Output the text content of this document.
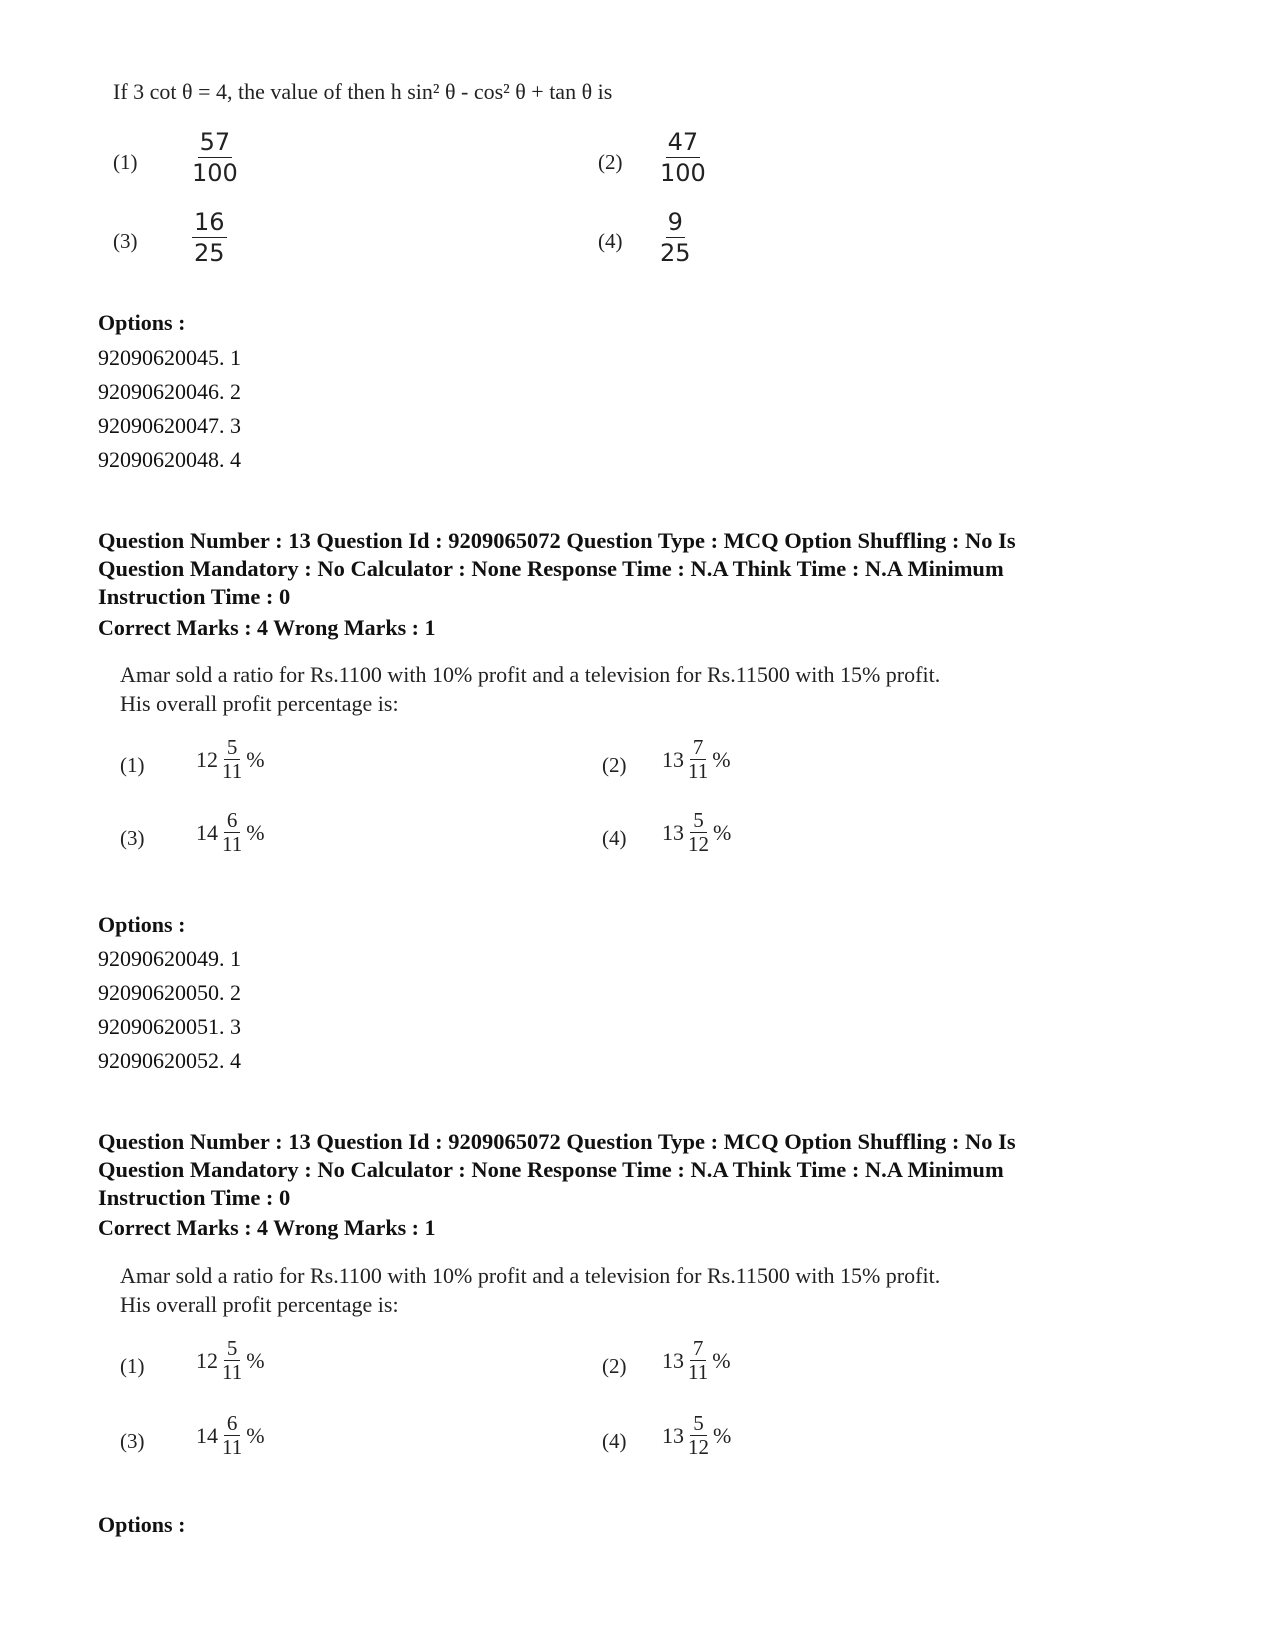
If 3 cot θ = 4, the value of then h sin² θ - cos² θ + tan θ is
$(1) \frac{57}{100}$	$(2) \frac{47}{100}$
$(3) \frac{16}{25}$	$(4) \frac{9}{25}$
Options :
92090620045. 1
92090620046. 2
92090620047. 3
92090620048. 4
Question Number : 13 Question Id : 9209065072 Question Type : MCQ Option Shuffling : No Is
Question Mandatory : No Calculator : None Response Time : N.A Think Time : N.A Minimum
Instruction Time : 0
Correct Marks : 4 Wrong Marks : 1
Amar sold a ratio for Rs.1100 with 10% profit and a television for Rs.11500 with 15% profit.
His overall profit percentage is:
(1) $12 \frac{5}{11}$ %	(2) $13 \frac{7}{11}$ %
(3) $14 \frac{6}{11}$ %	(4) $13 \frac{5}{12}$ %
Options :
92090620049. 1
92090620050. 2
92090620051. 3
92090620052. 4
Question Number : 13 Question Id : 9209065072 Question Type : MCQ Option Shuffling : No Is
Question Mandatory : No Calculator : None Response Time : N.A Think Time : N.A Minimum
Instruction Time : 0
Correct Marks : 4 Wrong Marks : 1
Amar sold a ratio for Rs.1100 with 10% profit and a television for Rs.11500 with 15% profit.
His overall profit percentage is:
(1) $12 \frac{5}{11}$ %	(2) $13 \frac{7}{11}$ %
(3) $14 \frac{6}{11}$ %	(4) $13 \frac{5}{12}$ %
Options :
